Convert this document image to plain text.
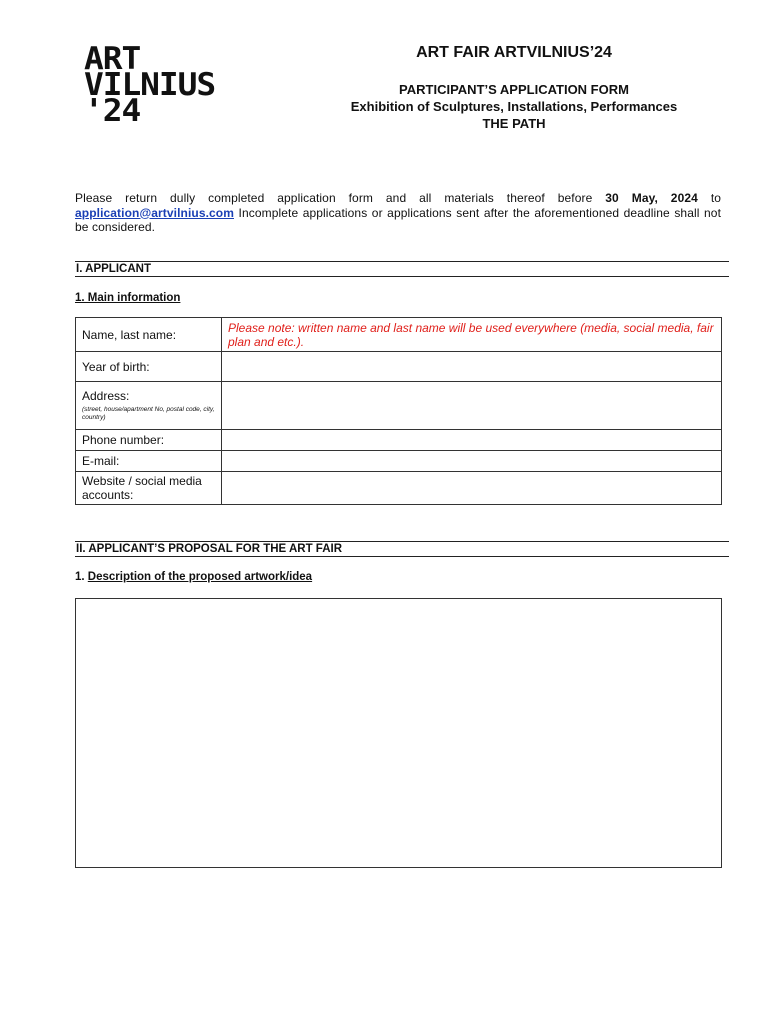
ART
VILNIUS
'24
ART FAIR ARTVILNIUS’24
PARTICIPANT’S APPLICATION FORM
Exhibition of Sculptures, Installations, Performances
THE PATH
Please return dully completed application form and all materials thereof before 30 May, 2024 to application@artvilnius.com Incomplete applications or applications sent after the aforementioned deadline shall not be considered.
I. APPLICANT
1. Main information
Name, last name:	Please note: written name and last name will be used everywhere (media, social media, fair plan and etc.).
Year of birth:	
Address:
(street, house/apartment No, postal code, city, country)	

Phone number:	
E-mail:	
Website / social media accounts:	
II. APPLICANT’S PROPOSAL FOR THE ART FAIR
1. Description of the proposed artwork/idea
